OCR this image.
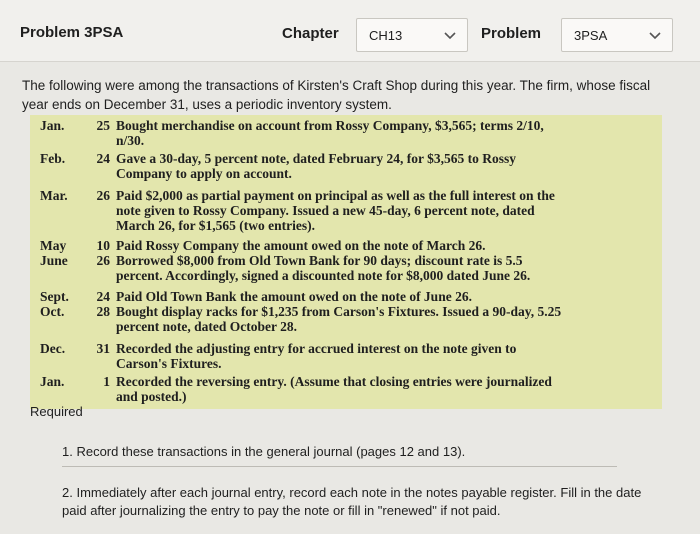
Problem 3PSA	Chapter CH13	Problem	3PSA

The following were among the transactions of Kirsten's Craft Shop during this year. The firm, whose fiscal year ends on December 31, uses a periodic inventory system.

Jan. 25 Bought merchandise on account from Rossy Company, $3,565; terms 2/10,
n/30.
Feb. 24 Gave a 30-day, 5 percent note, dated February 24, for $3,565 to Rossy
Company to apply on account.
Mar. 26 Paid $2,000 as partial payment on principal as well as the full interest on the
note given to Rossy Company. Issued a new 45-day, 6 percent note, dated
March 26, for $1,565 (two entries).
May 10 Paid Rossy Company the amount owed on the note of March 26.
June 26 Borrowed $8,000 from Old Town Bank for 90 days; discount rate is 5.5
percent. Accordingly, signed a discounted note for $8,000 dated June 26.
Sept. 24 Paid Old Town Bank the amount owed on the note of June 26.
Oct. 28 Bought display racks for $1,235 from Carson's Fixtures. Issued a 90-day, 5.25
percent note, dated October 28.
Dec. 31 Recorded the adjusting entry for accrued interest on the note given to
Carson's Fixtures.
Jan.	1 Recorded the reversing entry. (Assume that closing entries were journalized
and posted.)
Required

1. Record these transactions in the general journal (pages 12 and 13).

2. Immediately after each journal entry, record each note in the notes payable register. Fill in the date paid after journalizing the entry to pay the note or fill in "renewed" if not paid.
